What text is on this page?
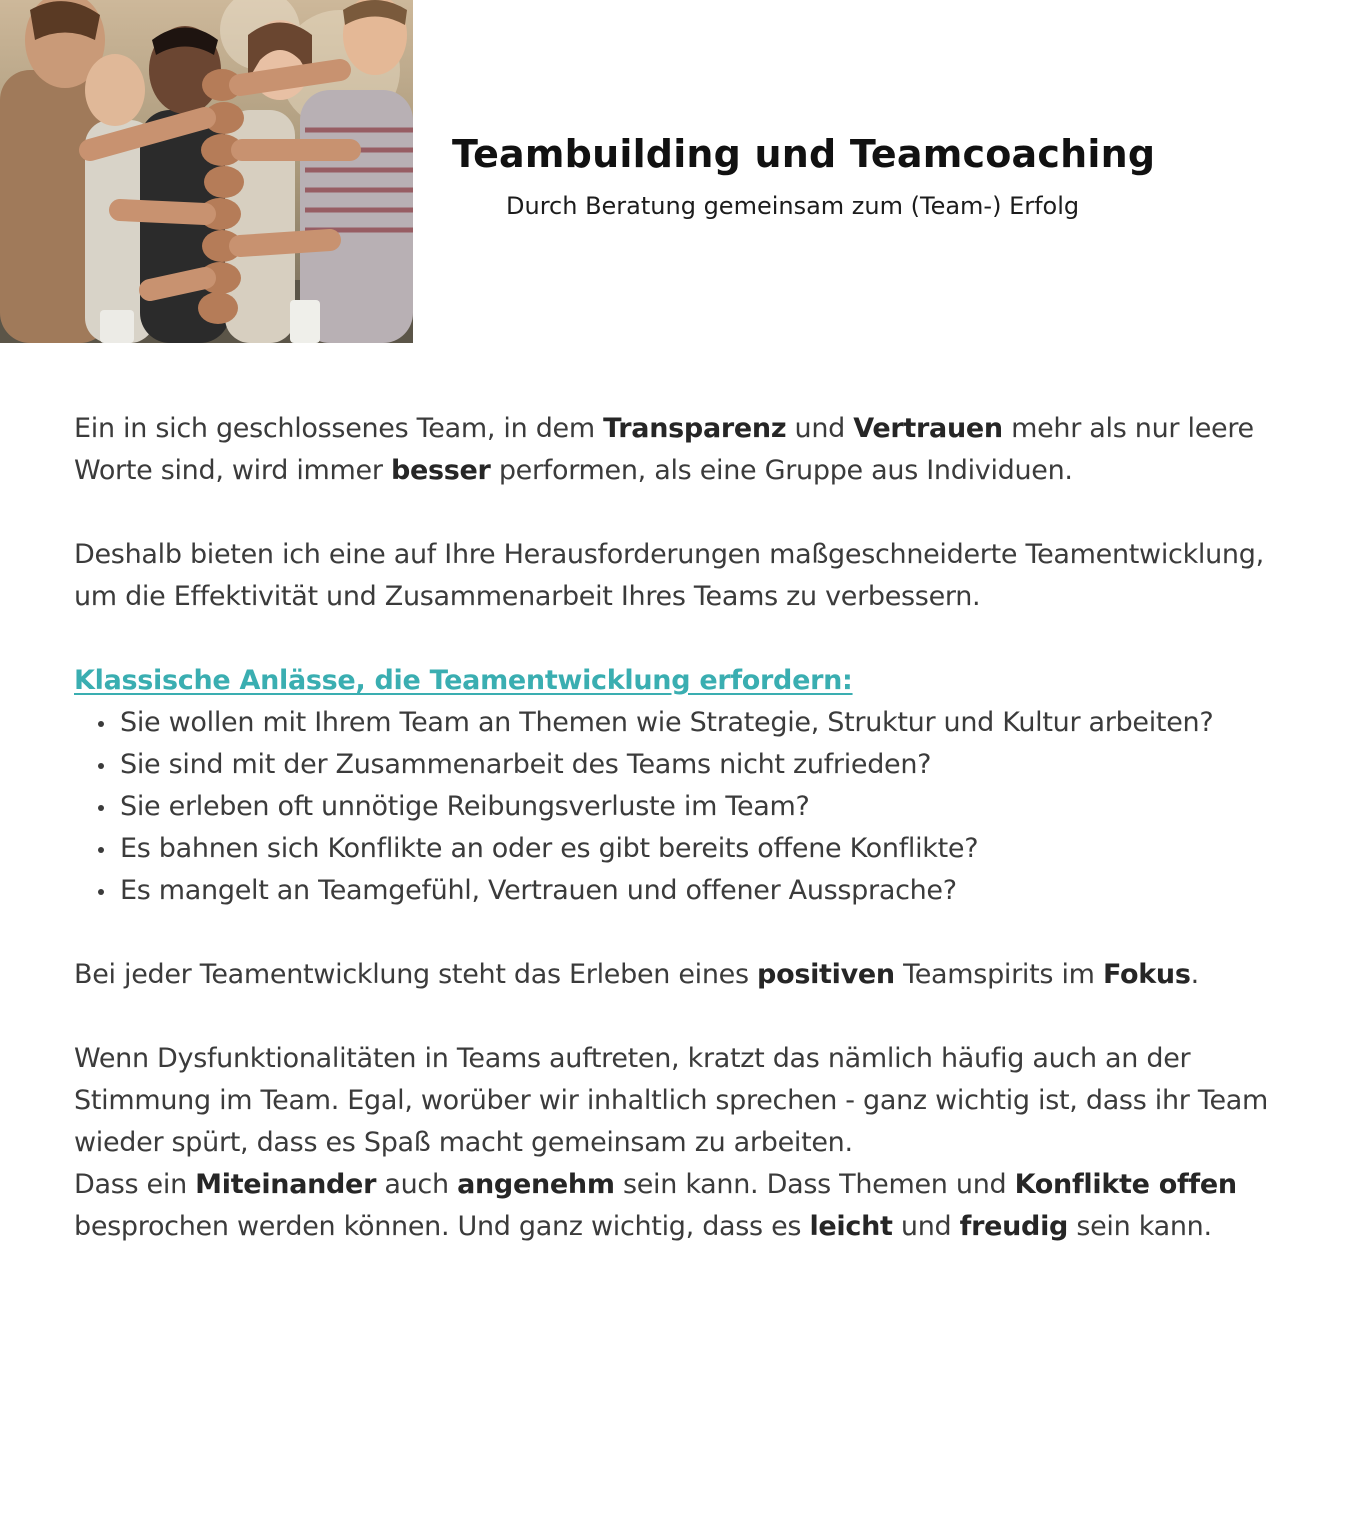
Teambuilding und Teamcoaching

Durch Beratung gemeinsam zum (Team-) Erfolg

Ein in sich geschlossenes Team, in dem Transparenz und Vertrauen mehr als nur leere Worte sind, wird immer besser performen, als eine Gruppe aus Individuen.

Deshalb bieten ich eine auf Ihre Herausforderungen maßgeschneiderte Teamentwicklung, um die Effektivität und Zusammenarbeit Ihres Teams zu verbessern.

Klassische Anlässe, die Teamentwicklung erfordern:

Sie wollen mit Ihrem Team an Themen wie Strategie, Struktur und Kultur arbeiten?
Sie sind mit der Zusammenarbeit des Teams nicht zufrieden?
Sie erleben oft unnötige Reibungsverluste im Team?
Es bahnen sich Konflikte an oder es gibt bereits offene Konflikte?
Es mangelt an Teamgefühl, Vertrauen und offener Aussprache?

Bei jeder Teamentwicklung steht das Erleben eines positiven Teamspirits im Fokus.

Wenn Dysfunktionalitäten in Teams auftreten, kratzt das nämlich häufig auch an der Stimmung im Team. Egal, worüber wir inhaltlich sprechen - ganz wichtig ist, dass ihr Team wieder spürt, dass es Spaß macht gemeinsam zu arbeiten.

Dass ein Miteinander auch angenehm sein kann. Dass Themen und Konflikte offen besprochen werden können. Und ganz wichtig, dass es leicht und freudig sein kann.
